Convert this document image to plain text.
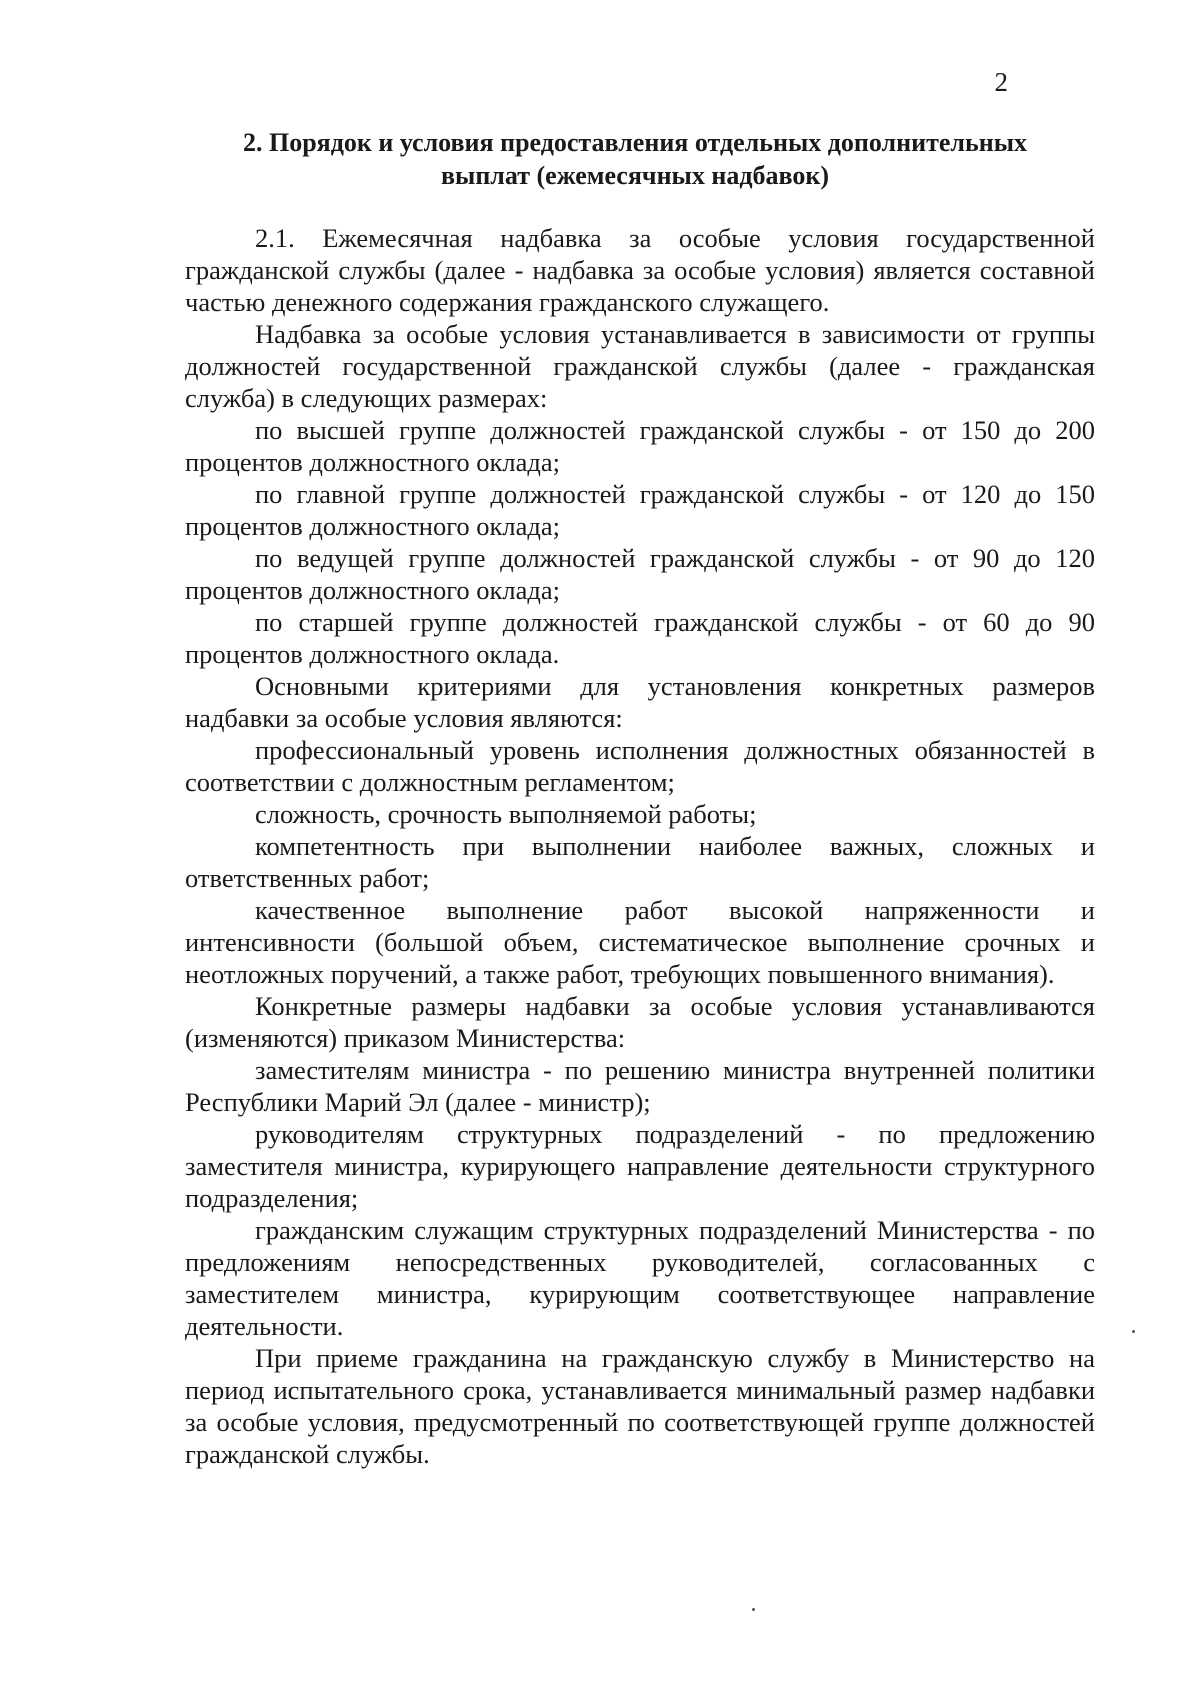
2
2. Порядок и условия предоставления отдельных дополнительных
выплат (ежемесячных надбавок)

2.1. Ежемесячная надбавка за особые условия государственной гражданской службы (далее - надбавка за особые условия) является составной частью денежного содержания гражданского служащего.

Надбавка за особые условия устанавливается в зависимости от группы должностей государственной гражданской службы (далее - гражданская служба) в следующих размерах:

по высшей группе должностей гражданской службы - от 150 до 200 процентов должностного оклада;

по главной группе должностей гражданской службы - от 120 до 150 процентов должностного оклада;

по ведущей группе должностей гражданской службы - от 90 до 120 процентов должностного оклада;

по старшей группе должностей гражданской службы - от 60 до 90 процентов должностного оклада.

Основными критериями для установления конкретных размеров надбавки за особые условия являются:

профессиональный уровень исполнения должностных обязанностей в соответствии с должностным регламентом;

сложность, срочность выполняемой работы;

компетентность при выполнении наиболее важных, сложных и ответственных работ;

качественное выполнение работ высокой напряженности и интенсивности (большой объем, систематическое выполнение срочных и неотложных поручений, а также работ, требующих повышенного внимания).

Конкретные размеры надбавки за особые условия устанавливаются (изменяются) приказом Министерства:

заместителям министра - по решению министра внутренней политики Республики Марий Эл (далее - министр);

руководителям структурных подразделений - по предложению заместителя министра, курирующего направление деятельности структурного подразделения;

гражданским служащим структурных подразделений Министерства - по предложениям непосредственных руководителей, согласованных с заместителем министра, курирующим соответствующее направление деятельности.

При приеме гражданина на гражданскую службу в Министерство на период испытательного срока, устанавливается минимальный размер надбавки за особые условия, предусмотренный по соответствующей группе должностей гражданской службы.
